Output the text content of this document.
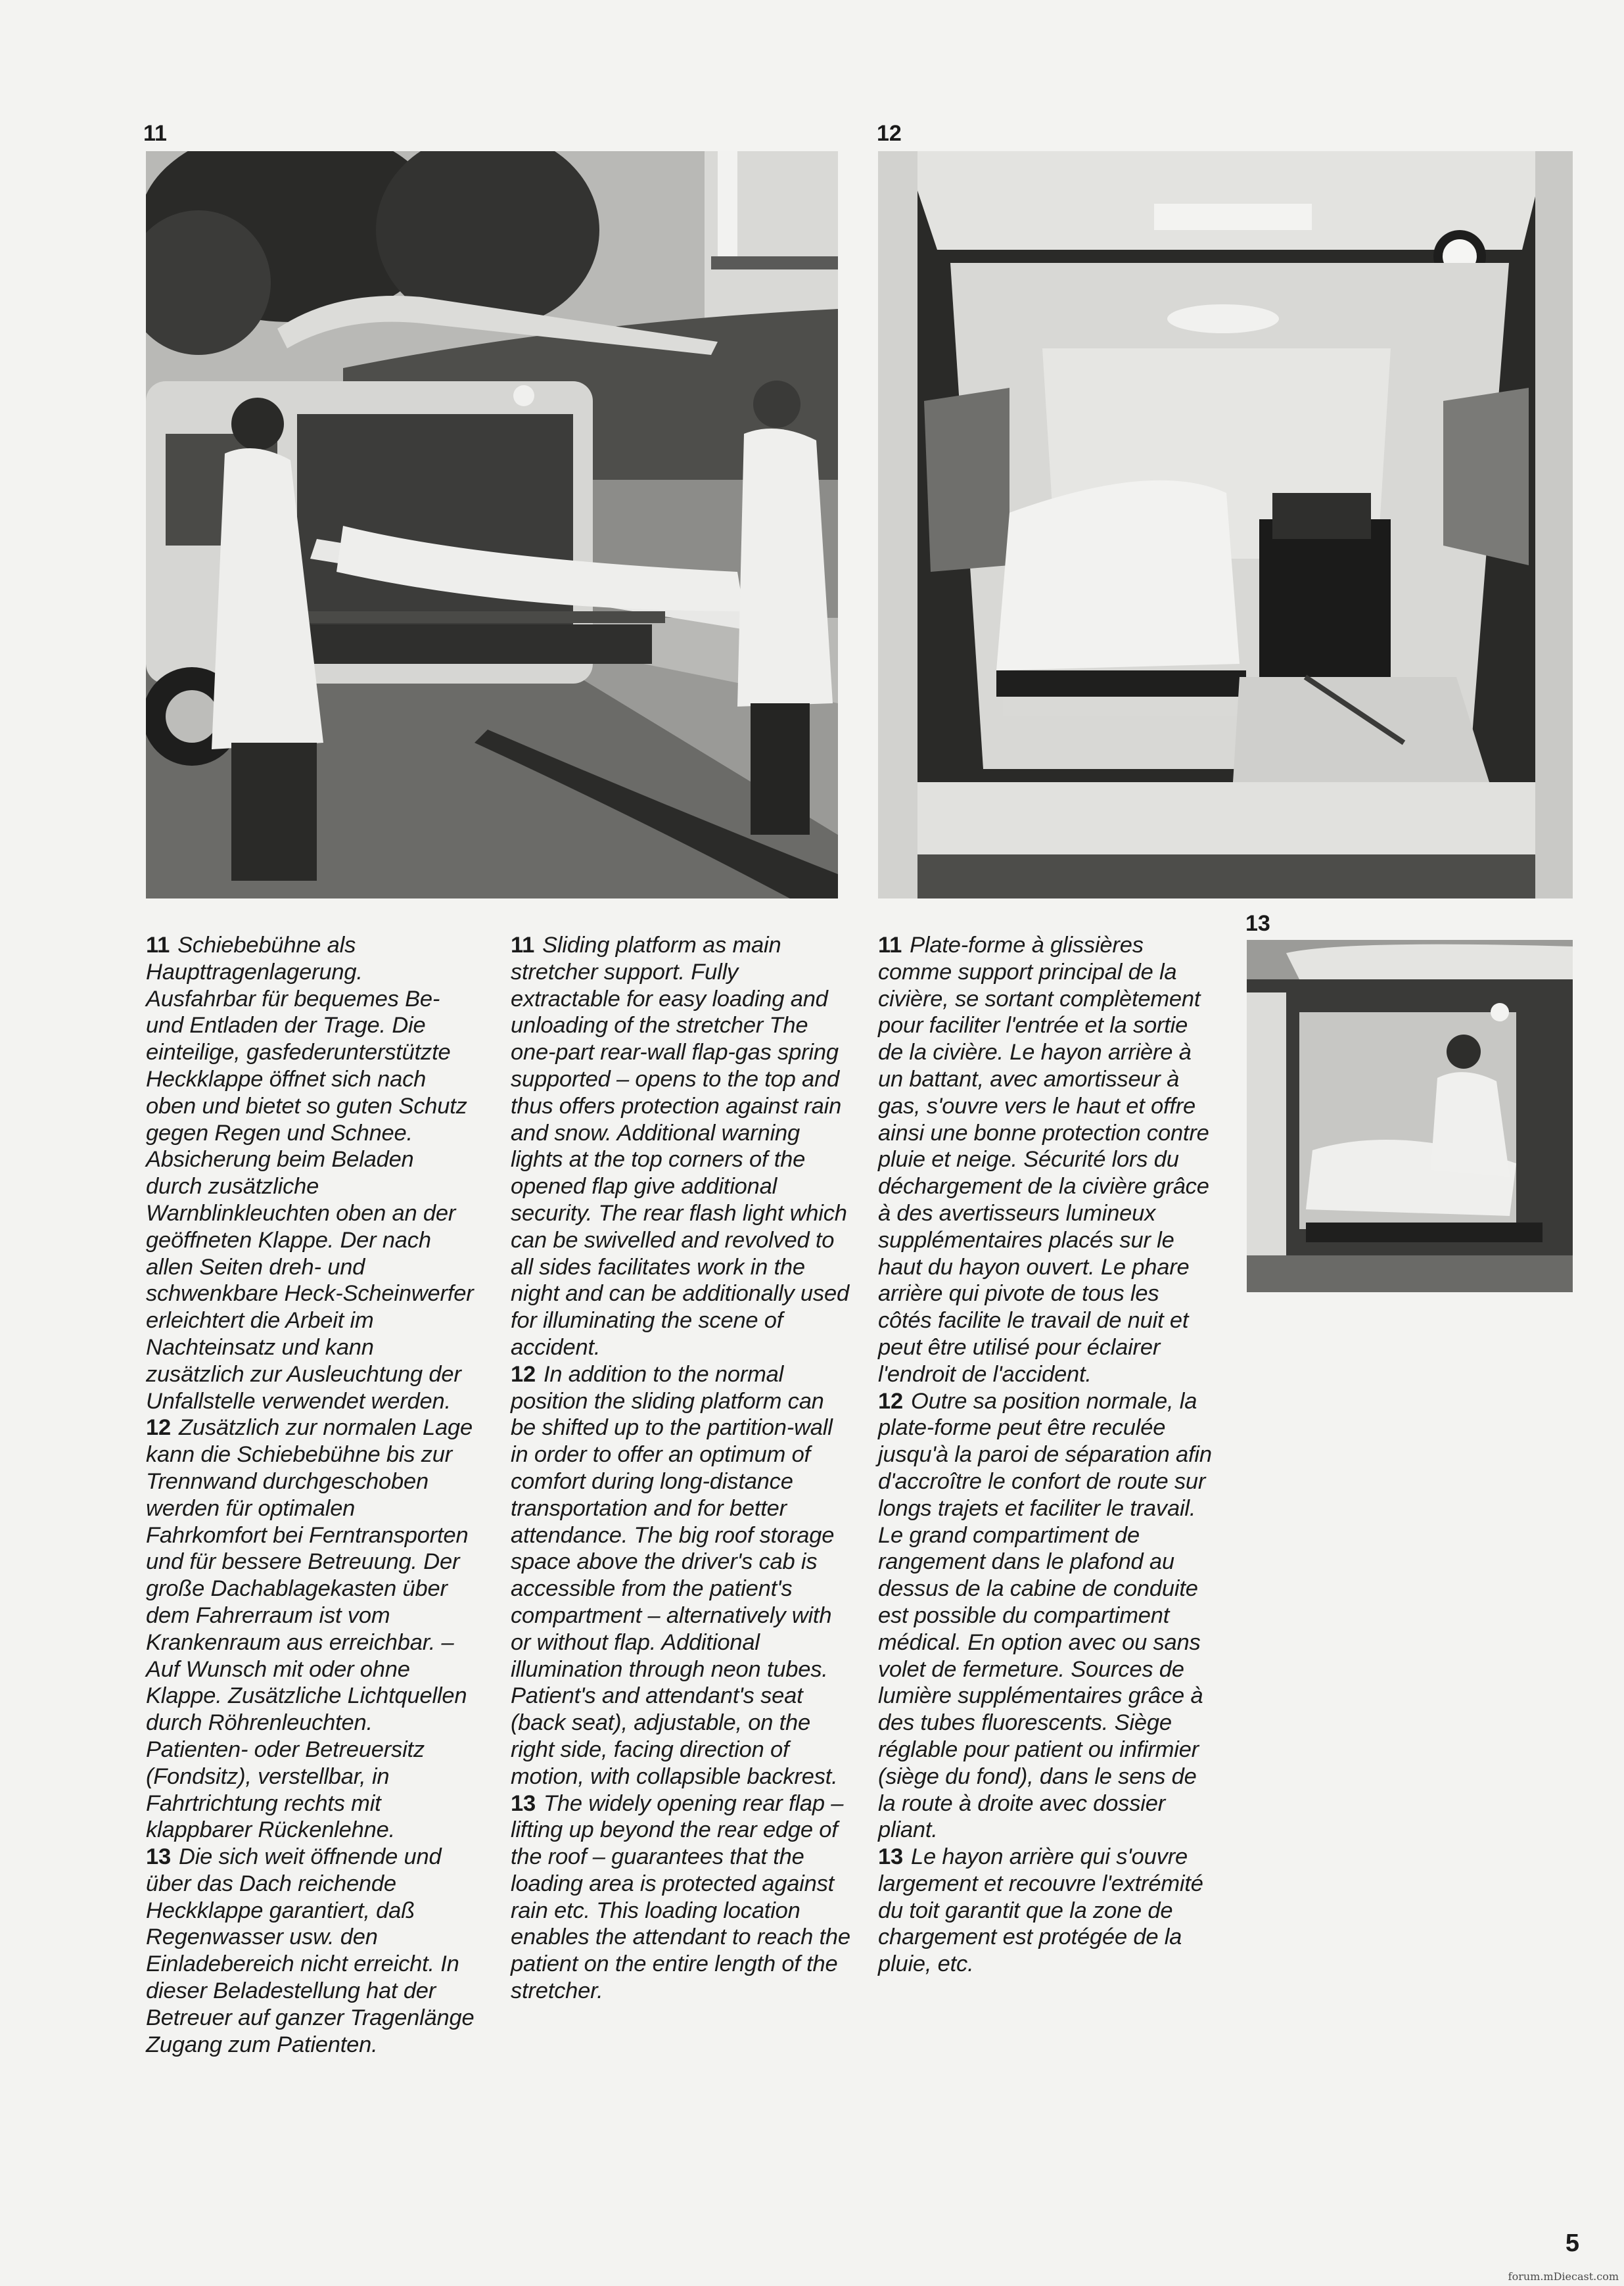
11	12
13

11 Schiebebühne als Haupttragenlagerung. Ausfahrbar für bequemes Be- und Entladen der Trage. Die einteilige, gasfederunterstützte Heckklappe öffnet sich nach oben und bietet so guten Schutz gegen Regen und Schnee. Absicherung beim Beladen durch zusätzliche Warnblinkleuchten oben an der geöffneten Klappe. Der nach allen Seiten dreh- und schwenkbare Heck-Scheinwerfer erleichtert die Arbeit im Nachteinsatz und kann zusätzlich zur Ausleuchtung der Unfallstelle verwendet werden.

12 Zusätzlich zur normalen Lage kann die Schiebebühne bis zur Trennwand durchgeschoben werden für optimalen Fahrkomfort bei Ferntransporten und für bessere Betreuung. Der große Dachablagekasten über dem Fahrerraum ist vom Krankenraum aus erreichbar. – Auf Wunsch mit oder ohne Klappe. Zusätzliche Lichtquellen durch Röhrenleuchten. Patienten- oder Betreuersitz (Fondsitz), verstellbar, in Fahrtrichtung rechts mit klappbarer Rückenlehne.

13 Die sich weit öffnende und über das Dach reichende Heckklappe garantiert, daß Regenwasser usw. den Einladebereich nicht erreicht. In dieser Beladestellung hat der Betreuer auf ganzer Tragenlänge Zugang zum Patienten.

11 Sliding platform as main stretcher support. Fully extractable for easy loading and unloading of the stretcher The one-part rear-wall flap-gas spring supported – opens to the top and thus offers protection against rain and snow. Additional warning lights at the top corners of the opened flap give additional security. The rear flash light which can be swivelled and revolved to all sides facilitates work in the night and can be additionally used for illuminating the scene of accident.

12 In addition to the normal position the sliding platform can be shifted up to the partition-wall in order to offer an optimum of comfort during long-distance transportation and for better attendance. The big roof storage space above the driver's cab is accessible from the patient's compartment – alternatively with or without flap. Additional illumination through neon tubes. Patient's and attendant's seat (back seat), adjustable, on the right side, facing direction of motion, with collapsible backrest.

13 The widely opening rear flap – lifting up beyond the rear edge of the roof – guarantees that the loading area is protected against rain etc. This loading location enables the attendant to reach the patient on the entire length of the stretcher.

11 Plate-forme à glissières comme support principal de la civière, se sortant complètement pour faciliter l'entrée et la sortie de la civière. Le hayon arrière à un battant, avec amortisseur à gas, s'ouvre vers le haut et offre ainsi une bonne protection contre pluie et neige. Sécurité lors du déchargement de la civière grâce à des avertisseurs lumineux supplémentaires placés sur le haut du hayon ouvert. Le phare arrière qui pivote de tous les côtés facilite le travail de nuit et peut être utilisé pour éclairer l'endroit de l'accident.

12 Outre sa position normale, la plate-forme peut être reculée jusqu'à la paroi de séparation afin d'accroître le confort de route sur longs trajets et faciliter le travail. Le grand compartiment de rangement dans le plafond au dessus de la cabine de conduite est possible du compartiment médical. En option avec ou sans volet de fermeture. Sources de lumière supplémentaires grâce à des tubes fluorescents. Siège réglable pour patient ou infirmier (siège du fond), dans le sens de la route à droite avec dossier pliant.

13 Le hayon arrière qui s'ouvre largement et recouvre l'extrémité du toit garantit que la zone de chargement est protégée de la pluie, etc.

5
forum.mDiecast.com
